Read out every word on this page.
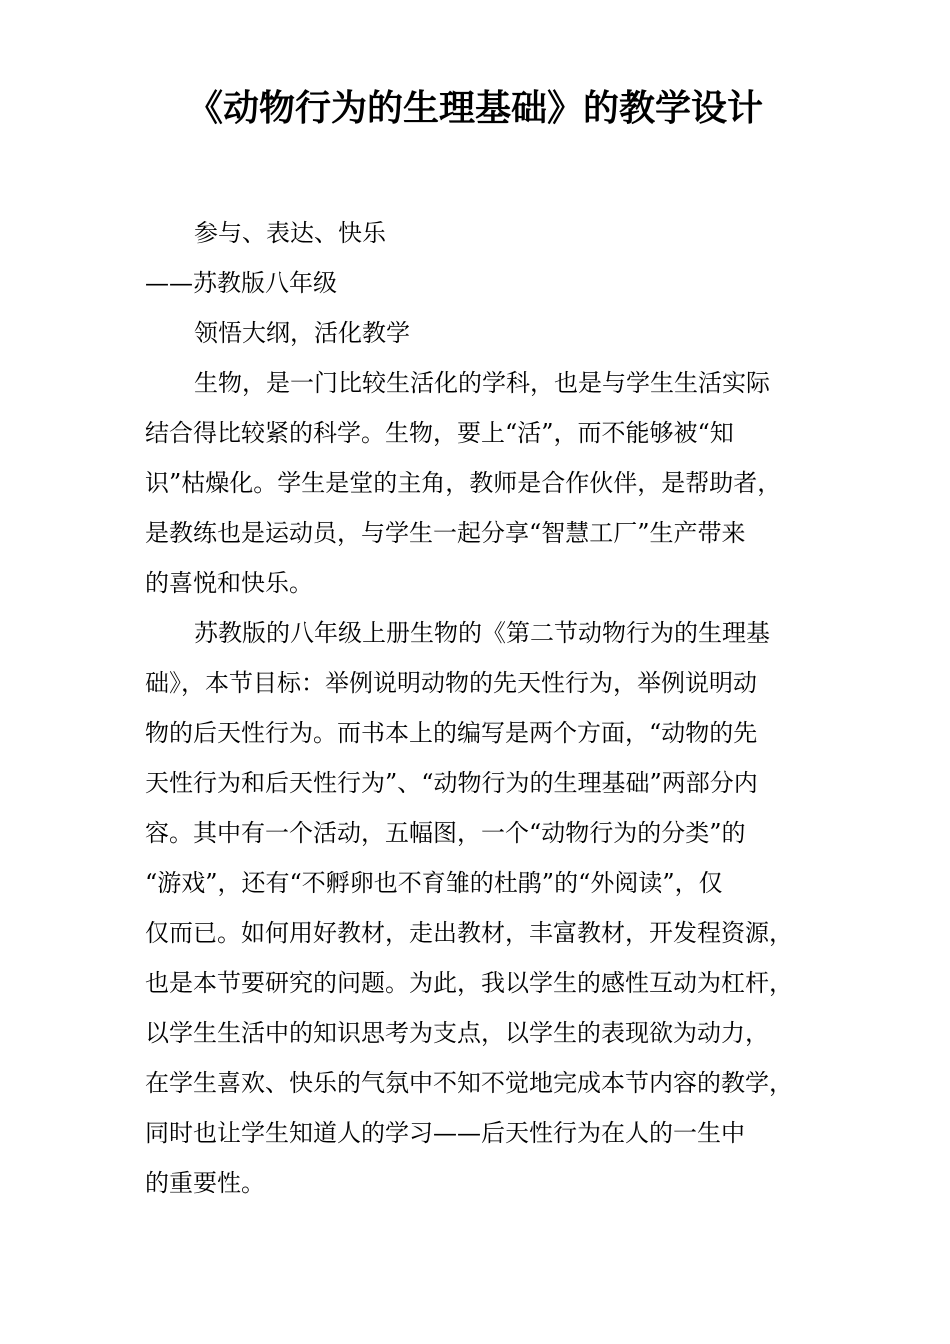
《动物行为的生理基础》的教学设计
参与、表达、快乐
——苏教版八年级
领悟大纲，活化教学
生物，是一门比较生活化的学科，也是与学生生活实际
结合得比较紧的科学。生物，要上“活”，而不能够被“知
识”枯燥化。学生是堂的主角，教师是合作伙伴，是帮助者，
是教练也是运动员，与学生一起分享“智慧工厂”生产带来
的喜悦和快乐。
苏教版的八年级上册生物的《第二节动物行为的生理基
础》，本节目标：举例说明动物的先天性行为，举例说明动
物的后天性行为。而书本上的编写是两个方面，“动物的先
天性行为和后天性行为”、“动物行为的生理基础”两部分内
容。其中有一个活动，五幅图，一个“动物行为的分类”的
“游戏”，还有“不孵卵也不育雏的杜鹃”的“外阅读”，仅
仅而已。如何用好教材，走出教材，丰富教材，开发程资源，
也是本节要研究的问题。为此，我以学生的感性互动为杠杆，
以学生生活中的知识思考为支点，以学生的表现欲为动力，
在学生喜欢、快乐的气氛中不知不觉地完成本节内容的教学，
同时也让学生知道人的学习——后天性行为在人的一生中
的重要性。
